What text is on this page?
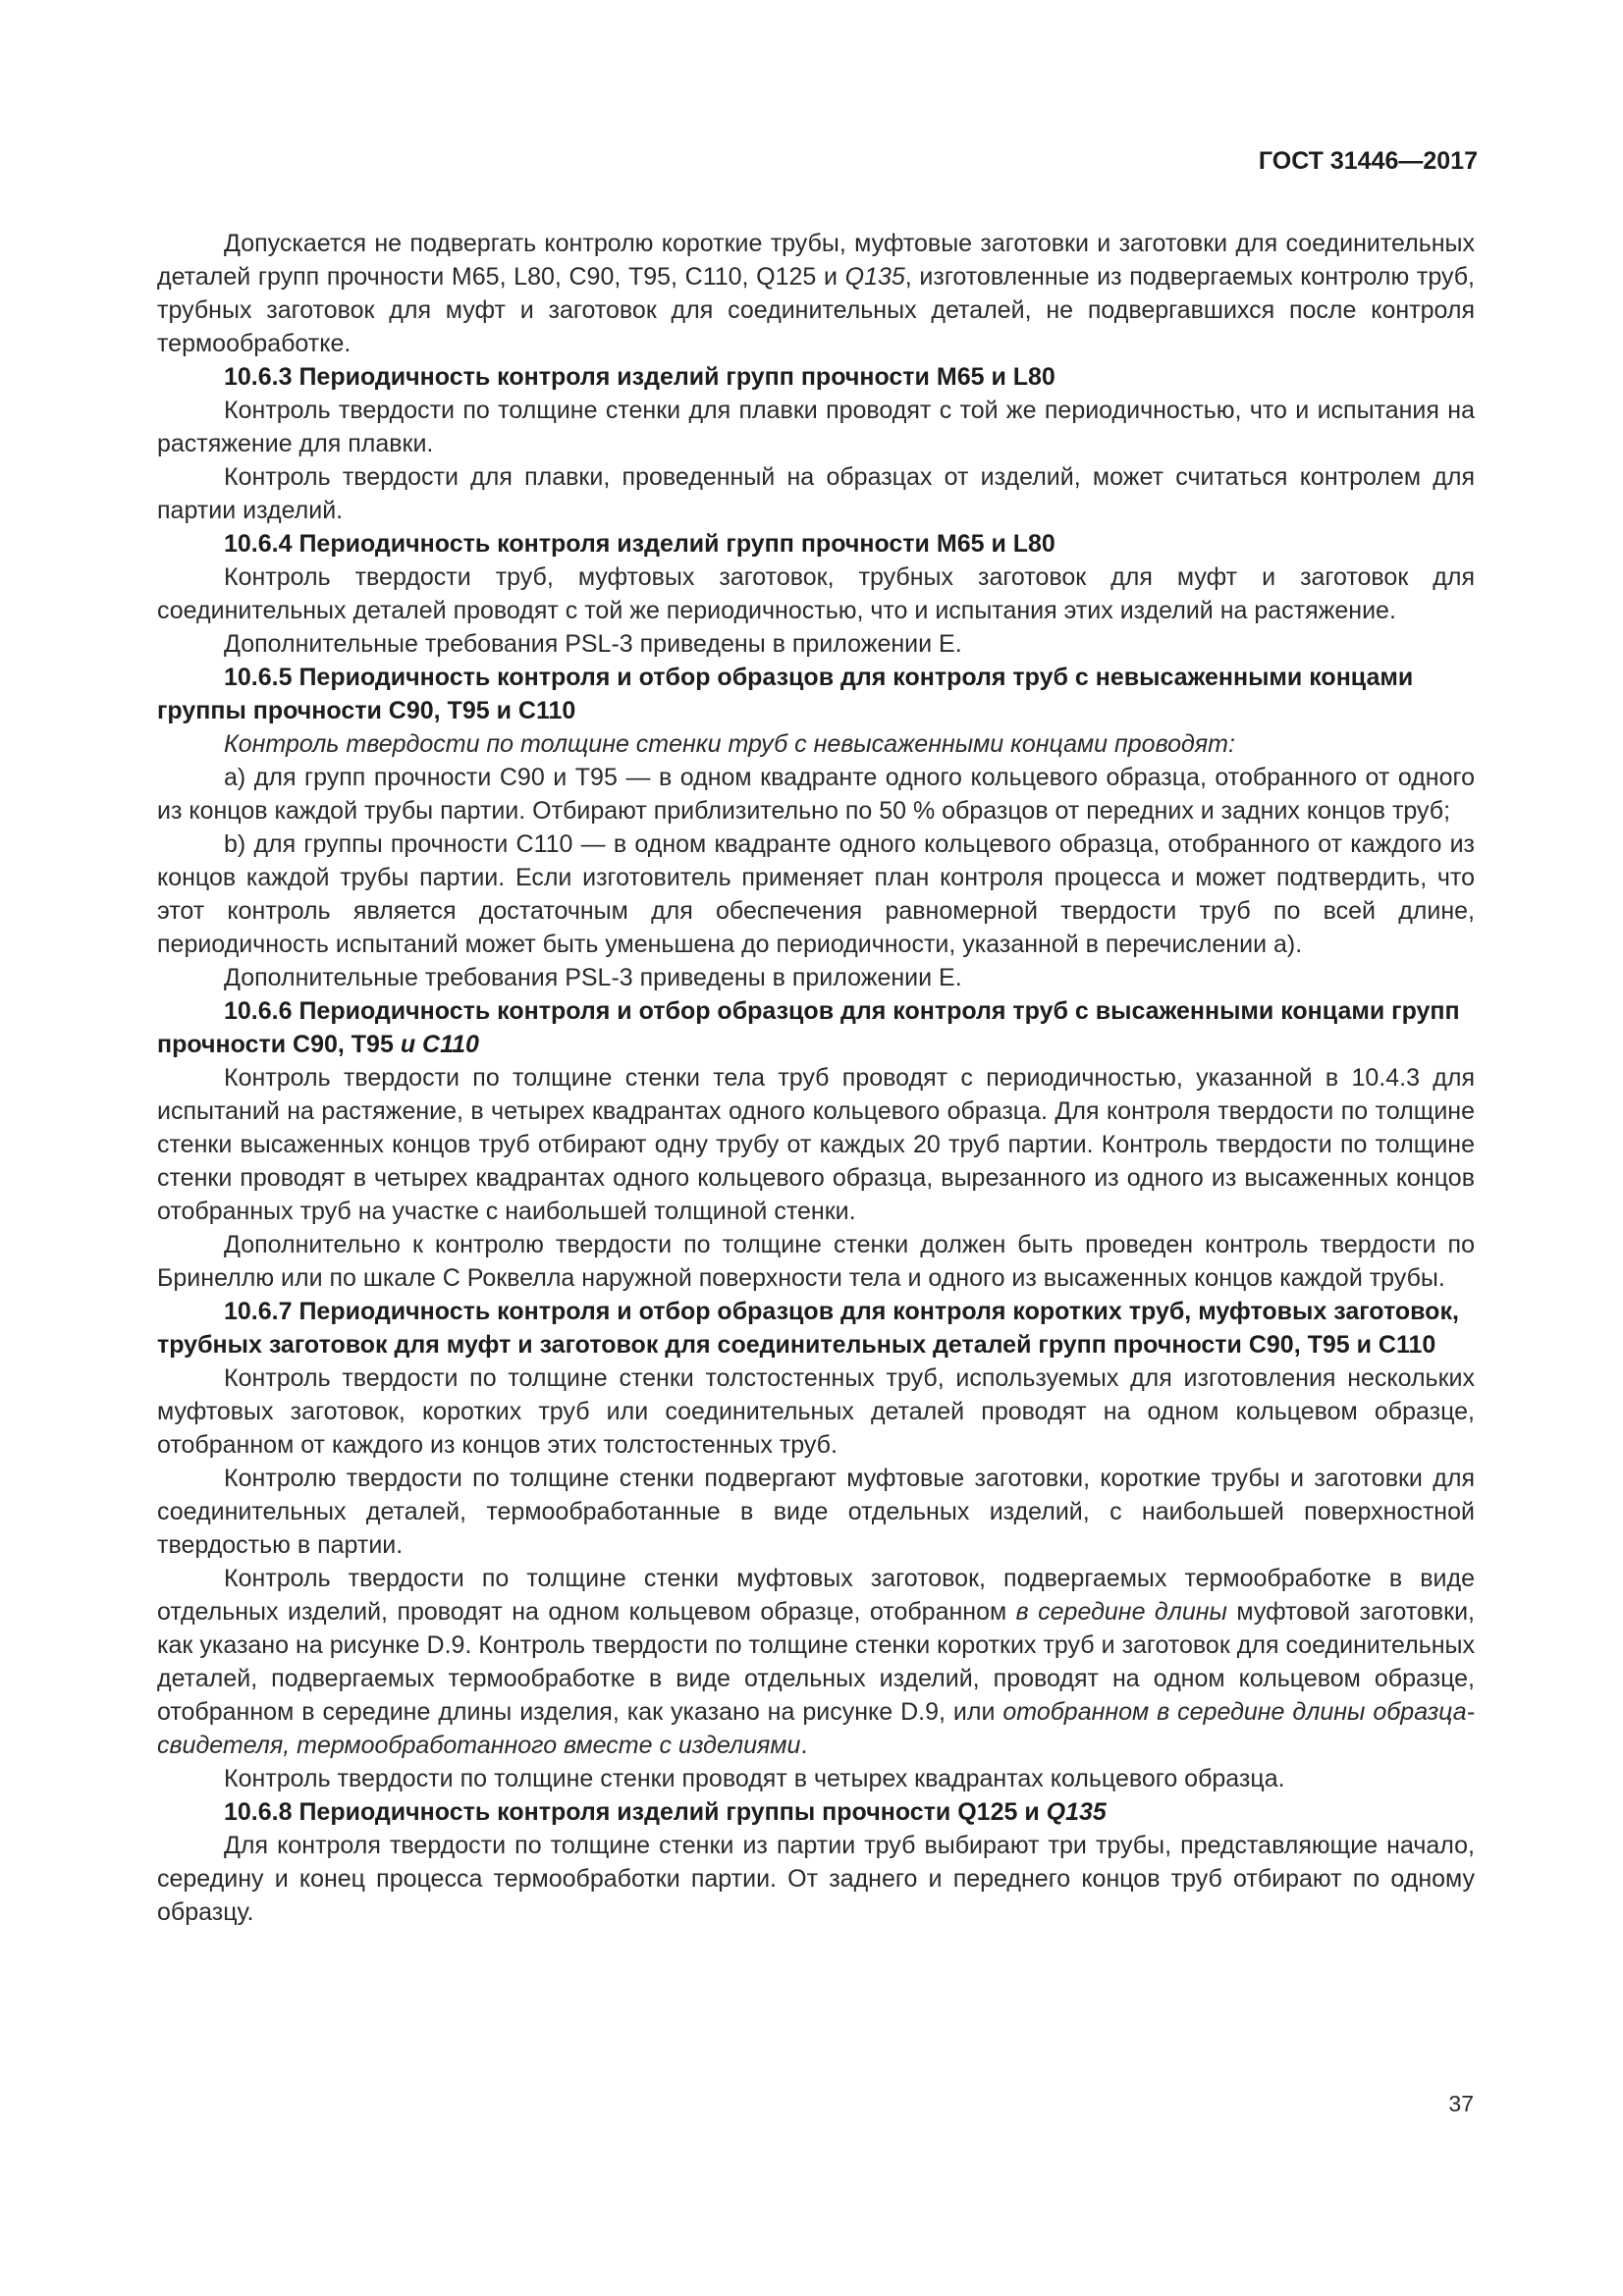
ГОСТ 31446—2017

Допускается не подвергать контролю короткие трубы, муфтовые заготовки и заготовки для соединительных деталей групп прочности М65, L80, С90, Т95, С110, Q125 и Q135, изготовленные из подвергаемых контролю труб, трубных заготовок для муфт и заготовок для соединительных деталей, не подвергавшихся после контроля термообработке.

10.6.3 Периодичность контроля изделий групп прочности М65 и L80

Контроль твердости по толщине стенки для плавки проводят с той же периодичностью, что и испытания на растяжение для плавки.

Контроль твердости для плавки, проведенный на образцах от изделий, может считаться контролем для партии изделий.

10.6.4 Периодичность контроля изделий групп прочности М65 и L80

Контроль твердости труб, муфтовых заготовок, трубных заготовок для муфт и заготовок для соединительных деталей проводят с той же периодичностью, что и испытания этих изделий на растяжение.

Дополнительные требования PSL-3 приведены в приложении Е.

10.6.5 Периодичность контроля и отбор образцов для контроля труб с невысаженными концами группы прочности С90, Т95 и С110

Контроль твердости по толщине стенки труб с невысаженными концами проводят:

а) для групп прочности С90 и Т95 — в одном квадранте одного кольцевого образца, отобранного от одного из концов каждой трубы партии. Отбирают приблизительно по 50 % образцов от передних и задних концов труб;

b) для группы прочности С110 — в одном квадранте одного кольцевого образца, отобранного от каждого из концов каждой трубы партии. Если изготовитель применяет план контроля процесса и может подтвердить, что этот контроль является достаточным для обеспечения равномерной твердости труб по всей длине, периодичность испытаний может быть уменьшена до периодичности, указанной в перечислении а).

Дополнительные требования PSL-3 приведены в приложении Е.

10.6.6 Периодичность контроля и отбор образцов для контроля труб с высаженными концами групп прочности С90, Т95 и С110

Контроль твердости по толщине стенки тела труб проводят с периодичностью, указанной в 10.4.3 для испытаний на растяжение, в четырех квадрантах одного кольцевого образца. Для контроля твердости по толщине стенки высаженных концов труб отбирают одну трубу от каждых 20 труб партии. Контроль твердости по толщине стенки проводят в четырех квадрантах одного кольцевого образца, вырезанного из одного из высаженных концов отобранных труб на участке с наибольшей толщиной стенки.

Дополнительно к контролю твердости по толщине стенки должен быть проведен контроль твердости по Бринеллю или по шкале С Роквелла наружной поверхности тела и одного из высаженных концов каждой трубы.

10.6.7 Периодичность контроля и отбор образцов для контроля коротких труб, муфтовых заготовок, трубных заготовок для муфт и заготовок для соединительных деталей групп прочности С90, Т95 и С110

Контроль твердости по толщине стенки толстостенных труб, используемых для изготовления нескольких муфтовых заготовок, коротких труб или соединительных деталей проводят на одном кольцевом образце, отобранном от каждого из концов этих толстостенных труб.

Контролю твердости по толщине стенки подвергают муфтовые заготовки, короткие трубы и заготовки для соединительных деталей, термообработанные в виде отдельных изделий, с наибольшей поверхностной твердостью в партии.

Контроль твердости по толщине стенки муфтовых заготовок, подвергаемых термообработке в виде отдельных изделий, проводят на одном кольцевом образце, отобранном в середине длины муфтовой заготовки, как указано на рисунке D.9. Контроль твердости по толщине стенки коротких труб и заготовок для соединительных деталей, подвергаемых термообработке в виде отдельных изделий, проводят на одном кольцевом образце, отобранном в середине длины изделия, как указано на рисунке D.9, или отобранном в середине длины образца-свидетеля, термообработанного вместе с изделиями.

Контроль твердости по толщине стенки проводят в четырех квадрантах кольцевого образца.

10.6.8 Периодичность контроля изделий группы прочности Q125 и Q135

Для контроля твердости по толщине стенки из партии труб выбирают три трубы, представляющие начало, середину и конец процесса термообработки партии. От заднего и переднего концов труб отбирают по одному образцу.

37
